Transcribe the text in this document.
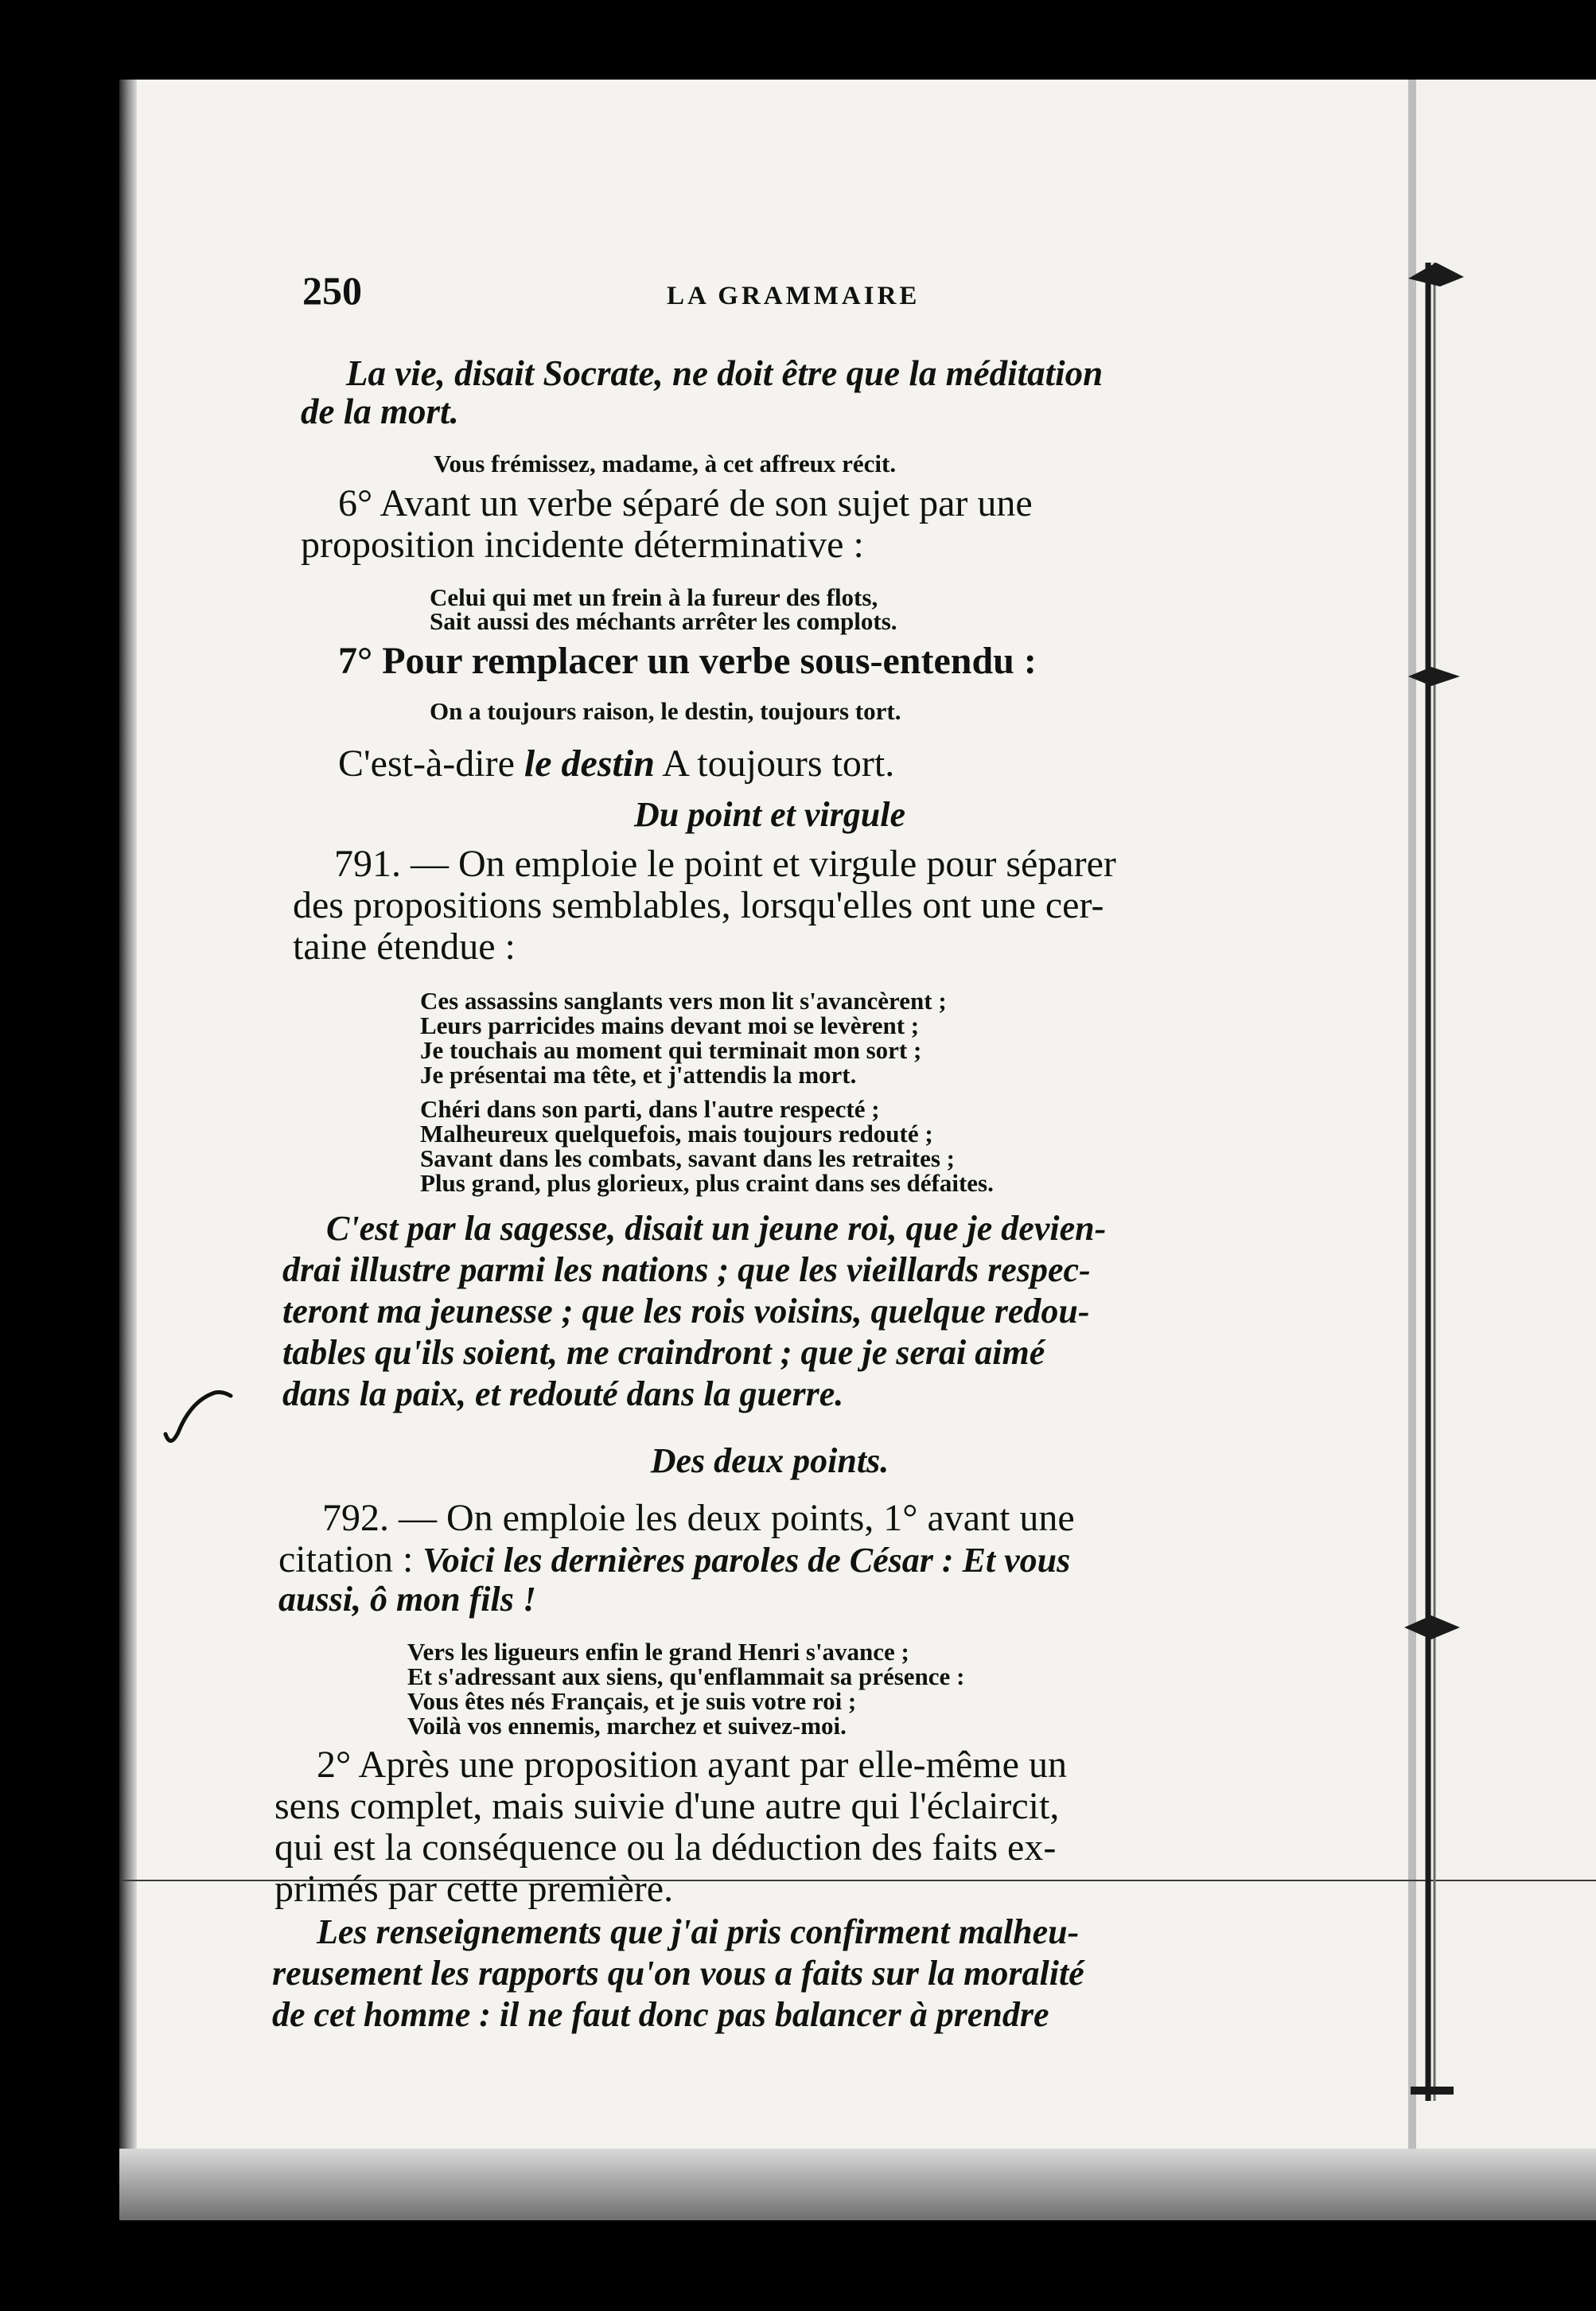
250	LA GRAMMAIRE
La vie, disait Socrate, ne doit être que la méditation
de la mort.
Vous frémissez, madame, à cet affreux récit.
6° Avant un verbe séparé de son sujet par une
proposition incidente déterminative :
Celui qui met un frein à la fureur des flots,
Sait aussi des méchants arrêter les complots.
7° Pour remplacer un verbe sous-entendu :
On a toujours raison, le destin, toujours tort.
C'est-à-dire le destin A toujours tort.
Du point et virgule
791. — On emploie le point et virgule pour séparer
des propositions semblables, lorsqu'elles ont une cer-
taine étendue :
Ces assassins sanglants vers mon lit s'avancèrent ;
Leurs parricides mains devant moi se levèrent ;
Je touchais au moment qui terminait mon sort ;
Je présentai ma tête, et j'attendis la mort.
Chéri dans son parti, dans l'autre respecté ;
Malheureux quelquefois, mais toujours redouté ;
Savant dans les combats, savant dans les retraites ;
Plus grand, plus glorieux, plus craint dans ses défaites.
C'est par la sagesse, disait un jeune roi, que je devien-
drai illustre parmi les nations ; que les vieillards respec-
teront ma jeunesse ; que les rois voisins, quelque redou-
tables qu'ils soient, me craindront ; que je serai aimé
dans la paix, et redouté dans la guerre.
Des deux points.
792. — On emploie les deux points, 1° avant une
citation : Voici les dernières paroles de César : Et vous
aussi, ô mon fils !
Vers les ligueurs enfin le grand Henri s'avance ;
Et s'adressant aux siens, qu'enflammait sa présence :
Vous êtes nés Français, et je suis votre roi ;
Voilà vos ennemis, marchez et suivez-moi.
2° Après une proposition ayant par elle-même un
sens complet, mais suivie d'une autre qui l'éclaircit,
qui est la conséquence ou la déduction des faits ex-
primés par cette première.
Les renseignements que j'ai pris confirment malheu-
reusement les rapports qu'on vous a faits sur la moralité
de cet homme : il ne faut donc pas balancer à prendre
